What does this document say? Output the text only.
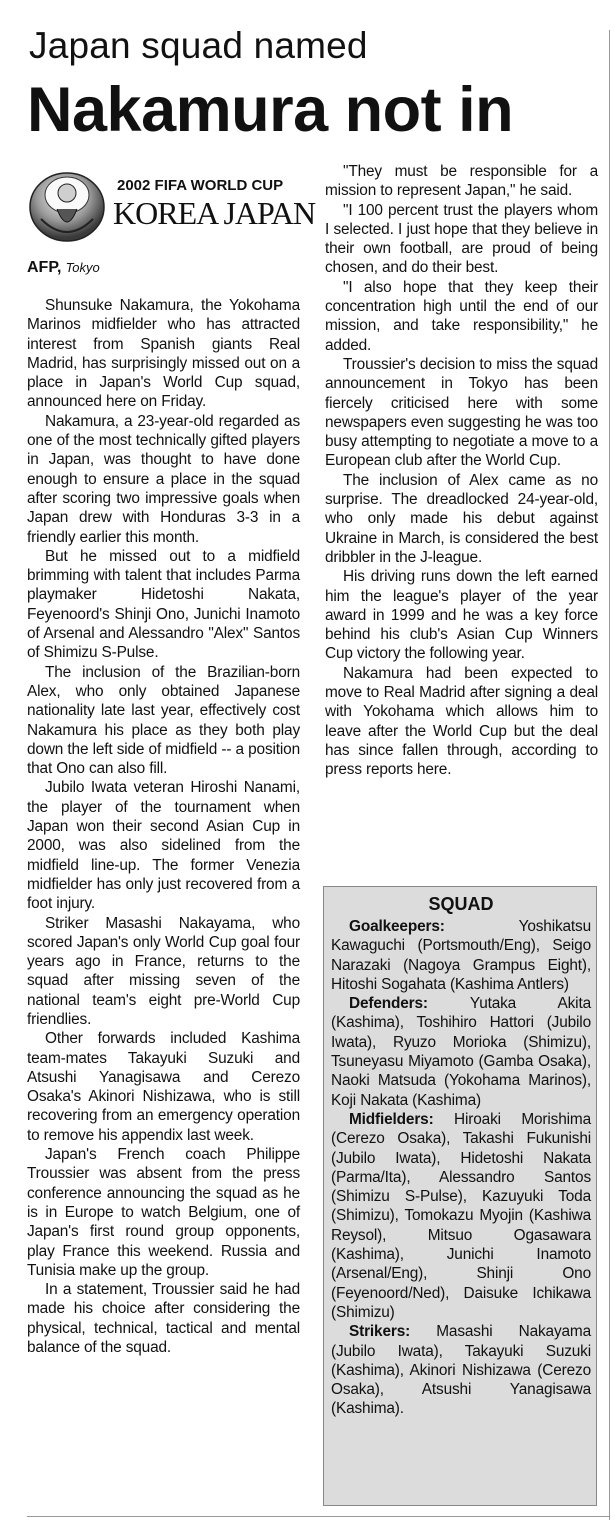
Japan squad named
Nakamura not in
2002 FIFA WORLD CUP
KOREA JAPAN
AFP, Tokyo

Shunsuke Nakamura, the Yokohama Marinos midfielder who has attracted interest from Spanish giants Real Madrid, has surprisingly missed out on a place in Japan's World Cup squad, announced here on Friday.

Nakamura, a 23-year-old regarded as one of the most technically gifted players in Japan, was thought to have done enough to ensure a place in the squad after scoring two impressive goals when Japan drew with Honduras 3-3 in a friendly earlier this month.

But he missed out to a midfield brimming with talent that includes Parma playmaker Hidetoshi Nakata, Feyenoord's Shinji Ono, Junichi Inamoto of Arsenal and Alessandro "Alex" Santos of Shimizu S-Pulse.

The inclusion of the Brazilian-born Alex, who only obtained Japanese nationality late last year, effectively cost Nakamura his place as they both play down the left side of midfield -- a position that Ono can also fill.

Jubilo Iwata veteran Hiroshi Nanami, the player of the tournament when Japan won their second Asian Cup in 2000, was also sidelined from the midfield line-up. The former Venezia midfielder has only just recovered from a foot injury.

Striker Masashi Nakayama, who scored Japan's only World Cup goal four years ago in France, returns to the squad after missing seven of the national team's eight pre-World Cup friendlies.

Other forwards included Kashima team-mates Takayuki Suzuki and Atsushi Yanagisawa and Cerezo Osaka's Akinori Nishizawa, who is still recovering from an emergency operation to remove his appendix last week.

Japan's French coach Philippe Troussier was absent from the press conference announcing the squad as he is in Europe to watch Belgium, one of Japan's first round group opponents, play France this weekend. Russia and Tunisia make up the group.

In a statement, Troussier said he had made his choice after considering the physical, technical, tactical and mental balance of the squad.

"They must be responsible for a mission to represent Japan," he said.

"I 100 percent trust the players whom I selected. I just hope that they believe in their own football, are proud of being chosen, and do their best.

"I also hope that they keep their concentration high until the end of our mission, and take responsibility," he added.

Troussier's decision to miss the squad announcement in Tokyo has been fiercely criticised here with some newspapers even suggesting he was too busy attempting to negotiate a move to a European club after the World Cup.

The inclusion of Alex came as no surprise. The dreadlocked 24-year-old, who only made his debut against Ukraine in March, is considered the best dribbler in the J-league.

His driving runs down the left earned him the league's player of the year award in 1999 and he was a key force behind his club's Asian Cup Winners Cup victory the following year.

Nakamura had been expected to move to Real Madrid after signing a deal with Yokohama which allows him to leave after the World Cup but the deal has since fallen through, according to press reports here.

SQUAD

Goalkeepers:	Yoshikatsu Kawaguchi (Portsmouth/Eng), Seigo Narazaki (Nagoya Grampus Eight), Hitoshi Sogahata (Kashima Antlers)

Defenders:	Yutaka Akita (Kashima), Toshihiro Hattori (Jubilo Iwata), Ryuzo Morioka (Shimizu), Tsuneyasu Miyamoto (Gamba Osaka), Naoki Matsuda (Yokohama Marinos), Koji Nakata (Kashima)

Midfielders: Hiroaki Morishima (Cerezo Osaka), Takashi Fukunishi (Jubilo Iwata), Hidetoshi Nakata (Parma/Ita), Alessandro Santos (Shimizu S-Pulse), Kazuyuki Toda (Shimizu), Tomokazu Myojin (Kashiwa Reysol), Mitsuo Ogasawara (Kashima), Junichi Inamoto (Arsenal/Eng), Shinji Ono (Feyenoord/Ned), Daisuke Ichikawa (Shimizu)

Strikers: Masashi Nakayama (Jubilo Iwata), Takayuki Suzuki (Kashima), Akinori Nishizawa (Cerezo Osaka), Atsushi Yanagisawa (Kashima).
